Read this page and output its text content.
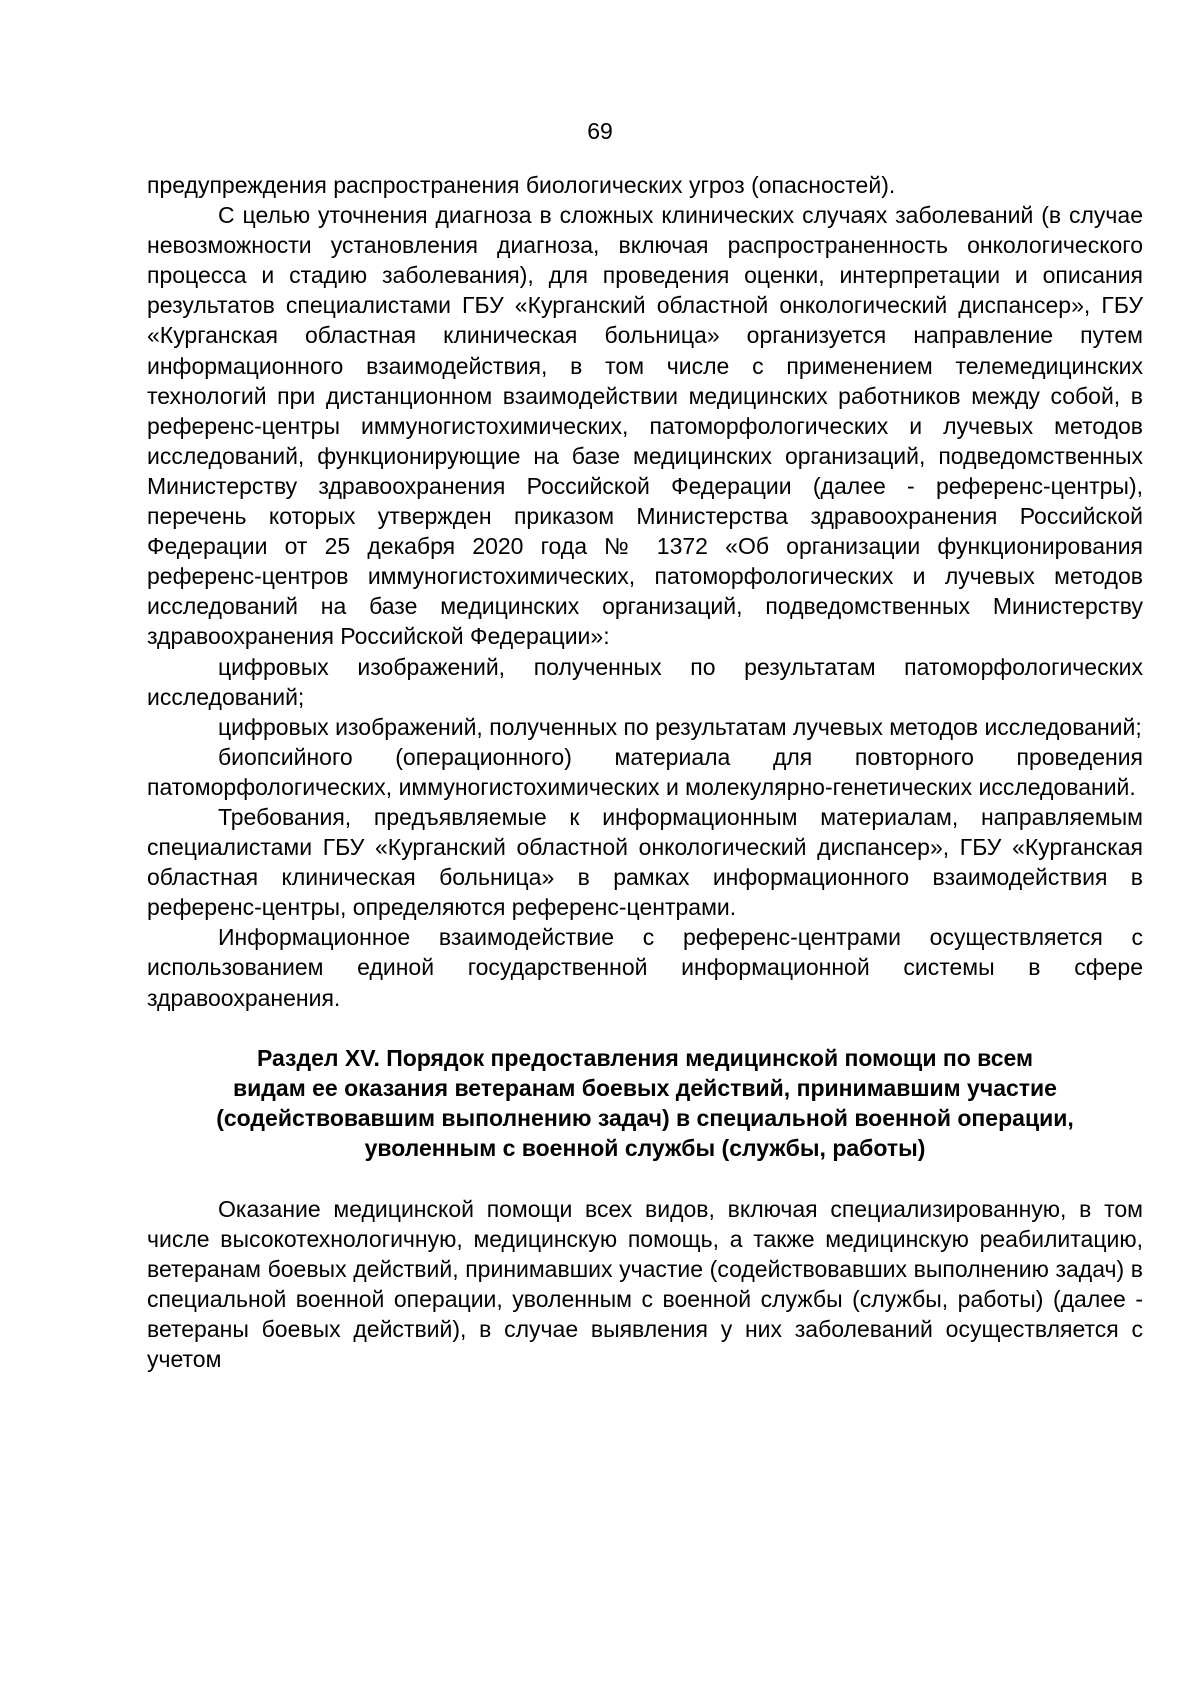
69

предупреждения распространения биологических угроз (опасностей).

С целью уточнения диагноза в сложных клинических случаях заболеваний (в случае невозможности установления диагноза, включая распространенность онкологического процесса и стадию заболевания), для проведения оценки, интерпретации и описания результатов специалистами ГБУ «Курганский областной онкологический диспансер», ГБУ «Курганская областная клиническая больница» организуется направление путем информационного взаимодействия, в том числе с применением телемедицинских технологий при дистанционном взаимодействии медицинских работников между собой, в референс-центры иммуногистохимических, патоморфологических и лучевых методов исследований, функционирующие на базе медицинских организаций, подведомственных Министерству здравоохранения Российской Федерации (далее - референс-центры), перечень которых утвержден приказом Министерства здравоохранения Российской Федерации от 25 декабря 2020 года № 1372 «Об организации функционирования референс-центров иммуногистохимических, патоморфологических и лучевых методов исследований на базе медицинских организаций, подведомственных Министерству здравоохранения Российской Федерации»:

цифровых изображений, полученных по результатам патоморфологических исследований;

цифровых изображений, полученных по результатам лучевых методов исследований;

биопсийного (операционного) материала для повторного проведения патоморфологических, иммуногистохимических и молекулярно-генетических исследований.

Требования, предъявляемые к информационным материалам, направляемым специалистами ГБУ «Курганский областной онкологический диспансер», ГБУ «Курганская областная клиническая больница» в рамках информационного взаимодействия в референс-центры, определяются референс-центрами.

Информационное взаимодействие с референс-центрами осуществляется с использованием единой государственной информационной системы в сфере здравоохранения.

Раздел XV. Порядок предоставления медицинской помощи по всем
видам ее оказания ветеранам боевых действий, принимавшим участие
(содействовавшим выполнению задач) в специальной военной операции,
уволенным с военной службы (службы, работы)

Оказание медицинской помощи всех видов, включая специализированную, в том числе высокотехнологичную, медицинскую помощь, а также медицинскую реабилитацию, ветеранам боевых действий, принимавших участие (содействовавших выполнению задач) в специальной военной операции, уволенным с военной службы (службы, работы) (далее - ветераны боевых действий), в случае выявления у них заболеваний осуществляется с учетом
